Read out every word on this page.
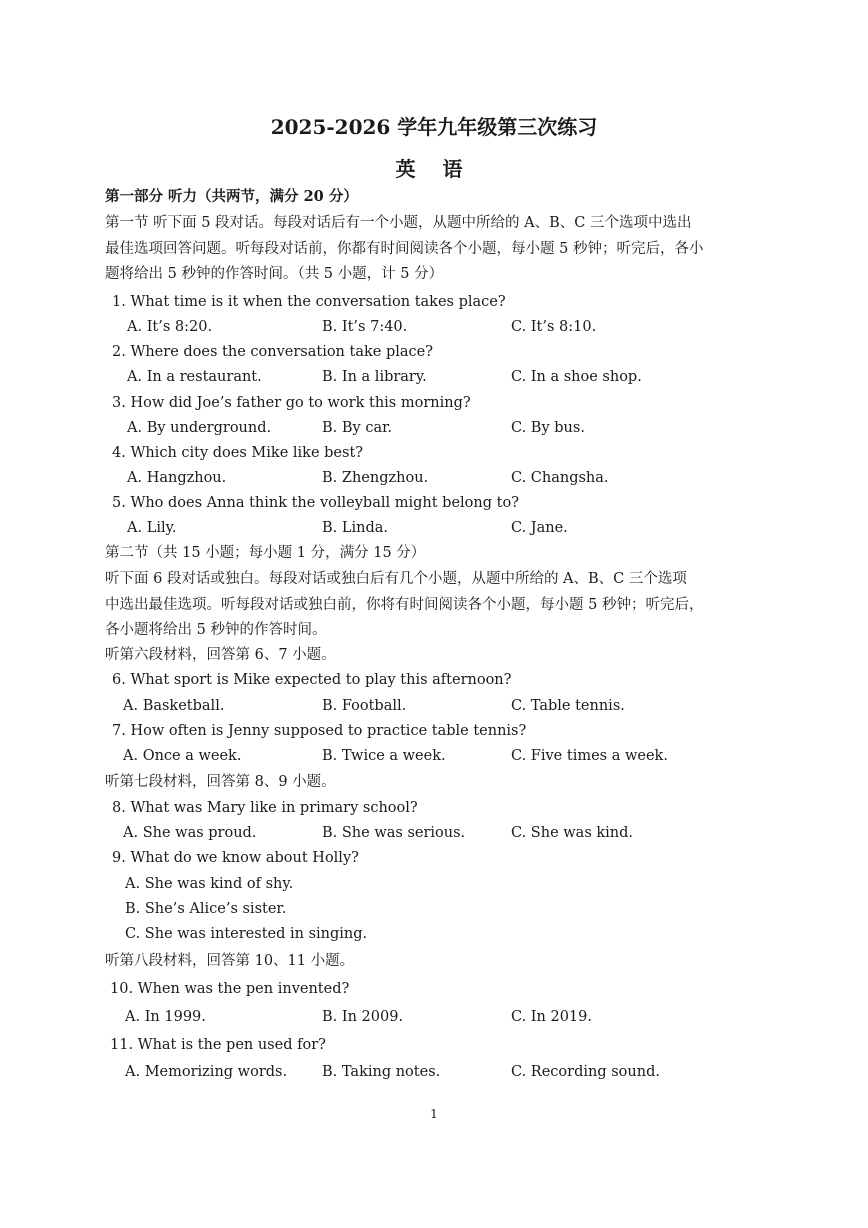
2025-2026 学年九年级第三次练习
英 语
第一部分 听力（共两节，满分 20 分）
第一节 听下面 5 段对话。每段对话后有一个小题，从题中所给的 A、B、C 三个选项中选出
最佳选项回答问题。听每段对话前，你都有时间阅读各个小题，每小题 5 秒钟；听完后，各小
题将给出 5 秒钟的作答时间。（共 5 小题，计 5 分）
1. What time is it when the conversation takes place?
A. It’s 8:20.	B. It’s 7:40.	C. It’s 8:10.
2. Where does the conversation take place?
A. In a restaurant.	B. In a library.	C. In a shoe shop.
3. How did Joe’s father go to work this morning?
A. By underground.	B. By car.	C. By bus.
4. Which city does Mike like best?
A. Hangzhou.	B. Zhengzhou.	C. Changsha.
5. Who does Anna think the volleyball might belong to?
A. Lily.	B. Linda.	C. Jane.
第二节（共 15 小题；每小题 1 分，满分 15 分）
听下面 6 段对话或独白。每段对话或独白后有几个小题，从题中所给的 A、B、C 三个选项
中选出最佳选项。听每段对话或独白前，你将有时间阅读各个小题，每小题 5 秒钟；听完后，
各小题将给出 5 秒钟的作答时间。
听第六段材料，回答第 6、7 小题。
6. What sport is Mike expected to play this afternoon?
A. Basketball.	B. Football.	C. Table tennis.
7. How often is Jenny supposed to practice table tennis?
A. Once a week.	B. Twice a week.	C. Five times a week.
听第七段材料，回答第 8、9 小题。
8. What was Mary like in primary school?
A. She was proud.	B. She was serious.	C. She was kind.
9. What do we know about Holly?
A. She was kind of shy.
B. She’s Alice’s sister.
C. She was interested in singing.
听第八段材料，回答第 10、11 小题。
10. When was the pen invented?
A. In 1999.	B. In 2009.	C. In 2019.
11. What is the pen used for?
A. Memorizing words. B. Taking notes.	C. Recording sound.
1
